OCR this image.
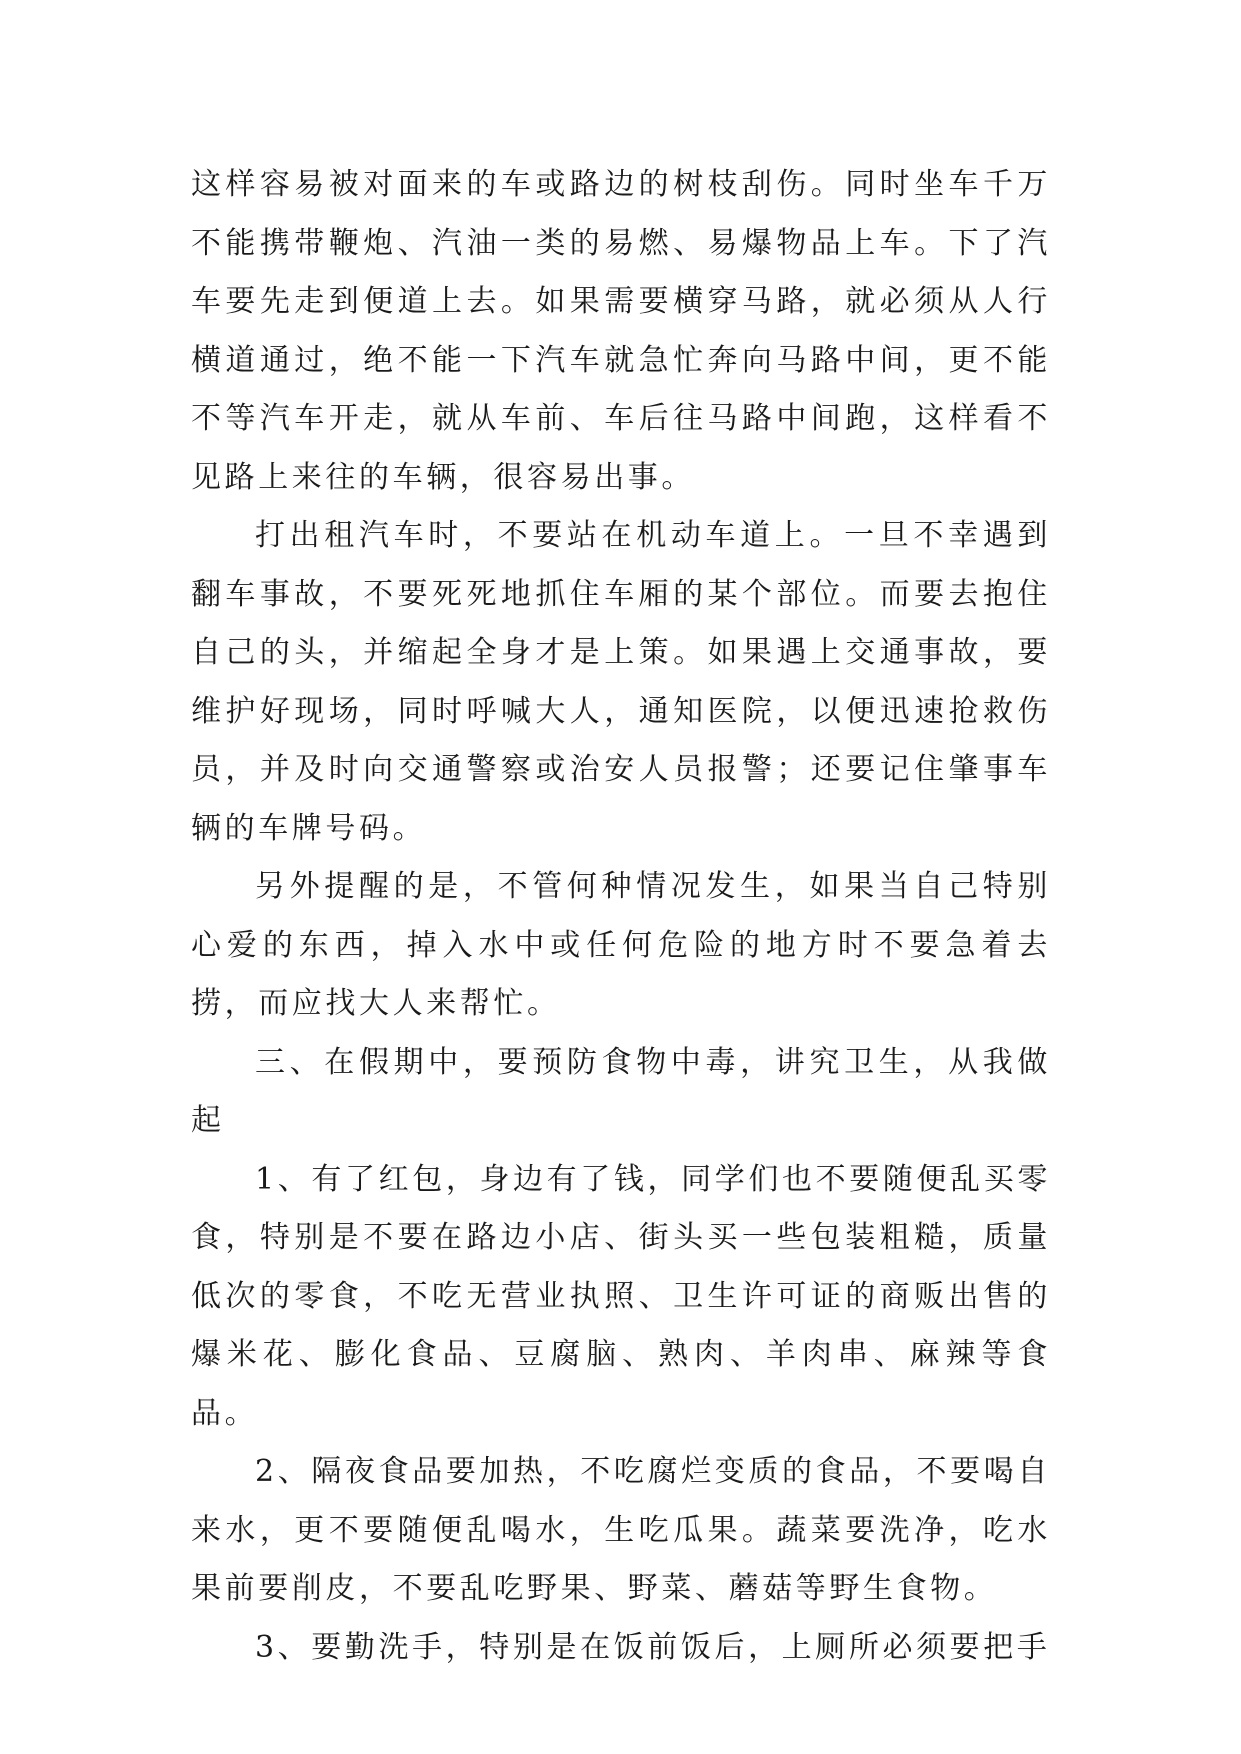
这样容易被对面来的车或路边的树枝刮伤。同时坐车千万不能携带鞭炮、汽油一类的易燃、易爆物品上车。下了汽车要先走到便道上去。如果需要横穿马路，就必须从人行横道通过，绝不能一下汽车就急忙奔向马路中间，更不能不等汽车开走，就从车前、车后往马路中间跑，这样看不见路上来往的车辆，很容易出事。

打出租汽车时，不要站在机动车道上。一旦不幸遇到翻车事故，不要死死地抓住车厢的某个部位。而要去抱住自己的头，并缩起全身才是上策。如果遇上交通事故，要维护好现场，同时呼喊大人，通知医院，以便迅速抢救伤员，并及时向交通警察或治安人员报警；还要记住肇事车辆的车牌号码。

另外提醒的是，不管何种情况发生，如果当自己特别心爱的东西，掉入水中或任何危险的地方时不要急着去捞，而应找大人来帮忙。

三、在假期中，要预防食物中毒，讲究卫生，从我做起

1、有了红包，身边有了钱，同学们也不要随便乱买零食，特别是不要在路边小店、街头买一些包装粗糙，质量低次的零食，不吃无营业执照、卫生许可证的商贩出售的爆米花、膨化食品、豆腐脑、熟肉、羊肉串、麻辣等食品。

2、隔夜食品要加热，不吃腐烂变质的食品，不要喝自来水，更不要随便乱喝水，生吃瓜果。蔬菜要洗净，吃水果前要削皮，不要乱吃野果、野菜、蘑菇等野生食物。

3、要勤洗手，特别是在饭前饭后，上厕所必须要把手
